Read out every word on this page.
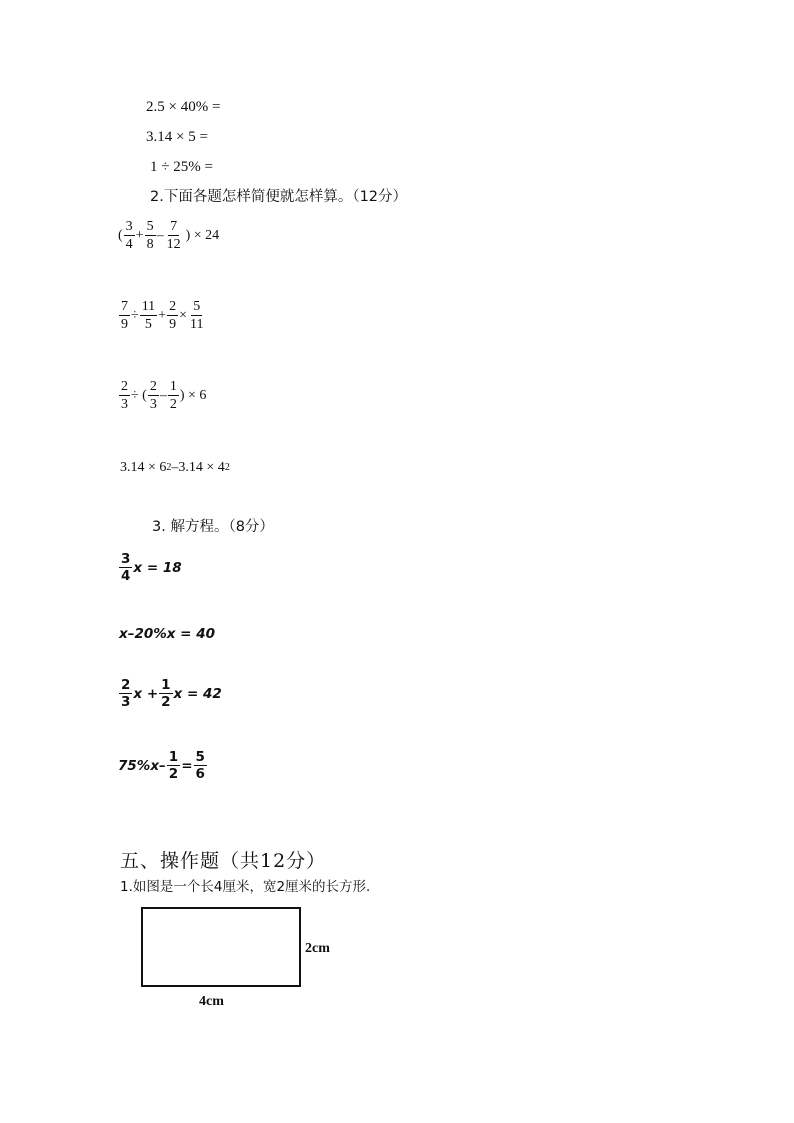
2.5 × 40% =
3.14 × 5 =
1 ÷ 25% =
2.下面各题怎样简便就怎样算。（12分）
( $\frac{3}{4} + \frac{5}{8} - \frac{7}{12}$ ) × 24
$\frac{7}{9} \div \frac{11}{5} + \frac{2}{9} \times \frac{5}{11}$
$\frac{2}{3}$ ÷ ( $\frac{2}{3} - \frac{1}{2}$ ) × 6
3.14 × 6 2 –3.14 × 4 2
3. 解方程。（8分）
$\frac{3}{4}$ x = 18
x–20%x = 40
$\frac{2}{3}$ $x + \frac{1}{2}$ x = 42
$75\%x- \frac{1}{2} = \frac{5}{6}$
五、操作题（共12分）
1.如图是一个长4厘米，宽2厘米的长方形．
2cm
4cm
